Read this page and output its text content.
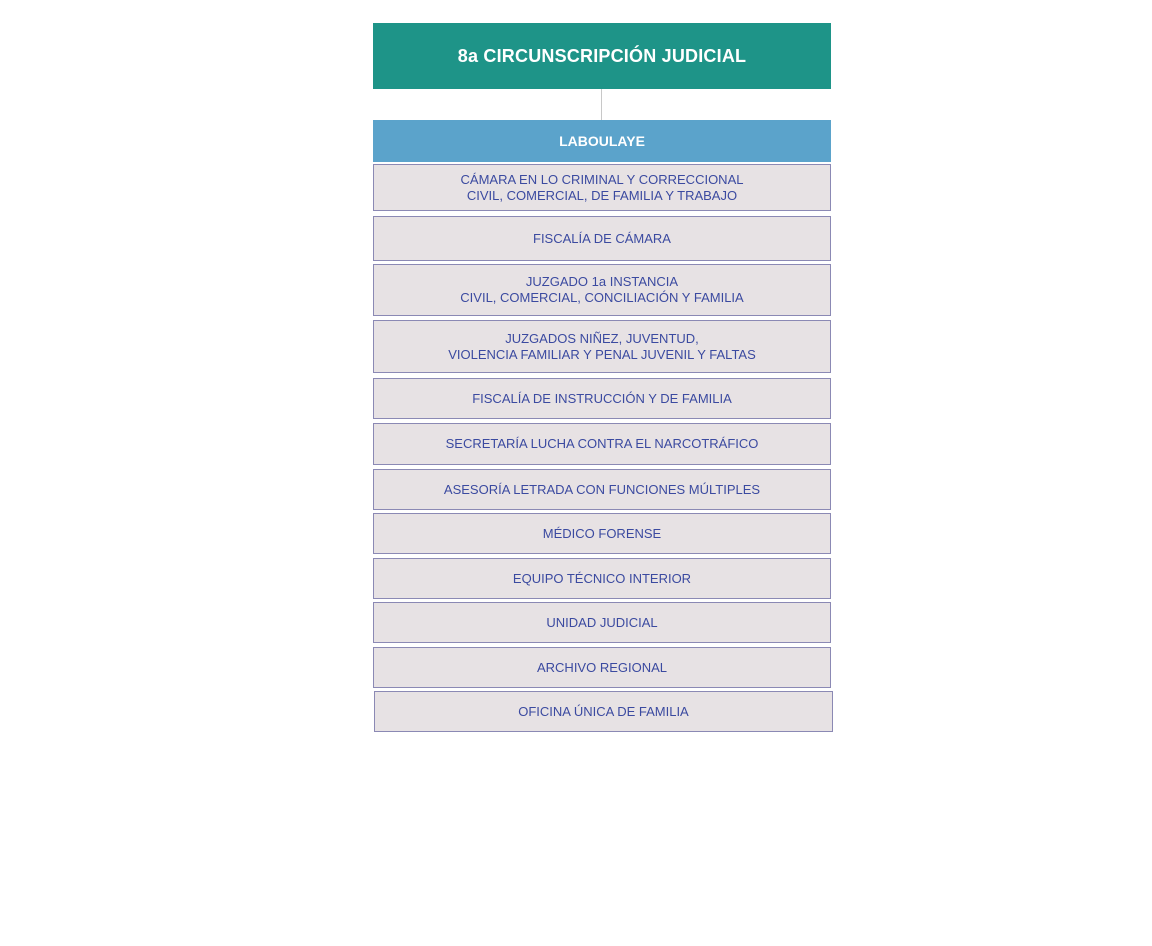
8a CIRCUNSCRIPCIÓN JUDICIAL
LABOULAYE
CÁMARA EN LO CRIMINAL Y CORRECCIONAL
CIVIL, COMERCIAL, DE FAMILIA Y TRABAJO
FISCALÍA DE CÁMARA
JUZGADO 1a INSTANCIA
CIVIL, COMERCIAL, CONCILIACIÓN Y FAMILIA
JUZGADOS NIÑEZ, JUVENTUD,
VIOLENCIA FAMILIAR Y PENAL JUVENIL Y FALTAS
FISCALÍA DE INSTRUCCIÓN Y DE FAMILIA
SECRETARÍA LUCHA CONTRA EL NARCOTRÁFICO
ASESORÍA LETRADA CON FUNCIONES MÚLTIPLES
MÉDICO FORENSE
EQUIPO TÉCNICO INTERIOR
UNIDAD JUDICIAL
ARCHIVO REGIONAL
OFICINA ÚNICA DE FAMILIA
